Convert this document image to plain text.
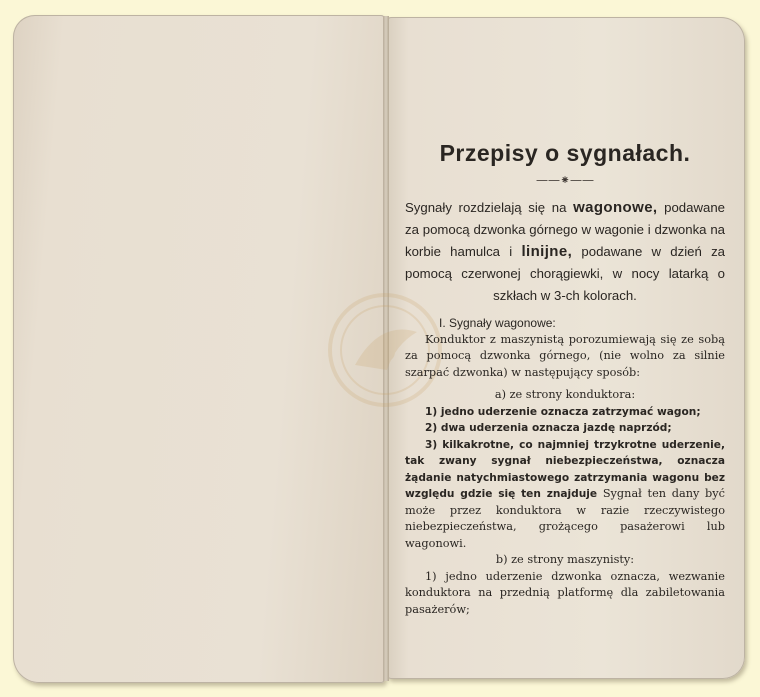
Przepisy o sygnałach.
——⁕——

Sygnały rozdzielają się na wagonowe, podawane za pomocą dzwonka górnego w wagonie i dzwonka na korbie hamulca i linijne, podawane w dzień za pomocą czerwonej chorągiewki, w nocy latarką o szkłach w 3-ch kolorach.

I. Sygnały wagonowe:

Konduktor z maszynistą porozumiewają się ze sobą za pomocą dzwonka górnego, (nie wolno za silnie szarpać dzwonka) w następujący sposób:

a) ze strony konduktora:

1) jedno uderzenie oznacza zatrzymać wagon;

2) dwa uderzenia oznacza jazdę naprzód;

3) kilkakrotne, co najmniej trzykrotne uderzenie, tak zwany sygnał niebezpieczeństwa, oznacza żądanie natychmiastowego zatrzymania wagonu bez względu gdzie się ten znajduje Sygnał ten dany być może przez konduktora w razie rzeczywistego niebezpieczeństwa, grożącego pasażerowi lub wagonowi.

b) ze strony maszynisty:

1) jedno uderzenie dzwonka oznacza, wezwanie konduktora na przednią platformę dla zabiletowania pasażerów;
